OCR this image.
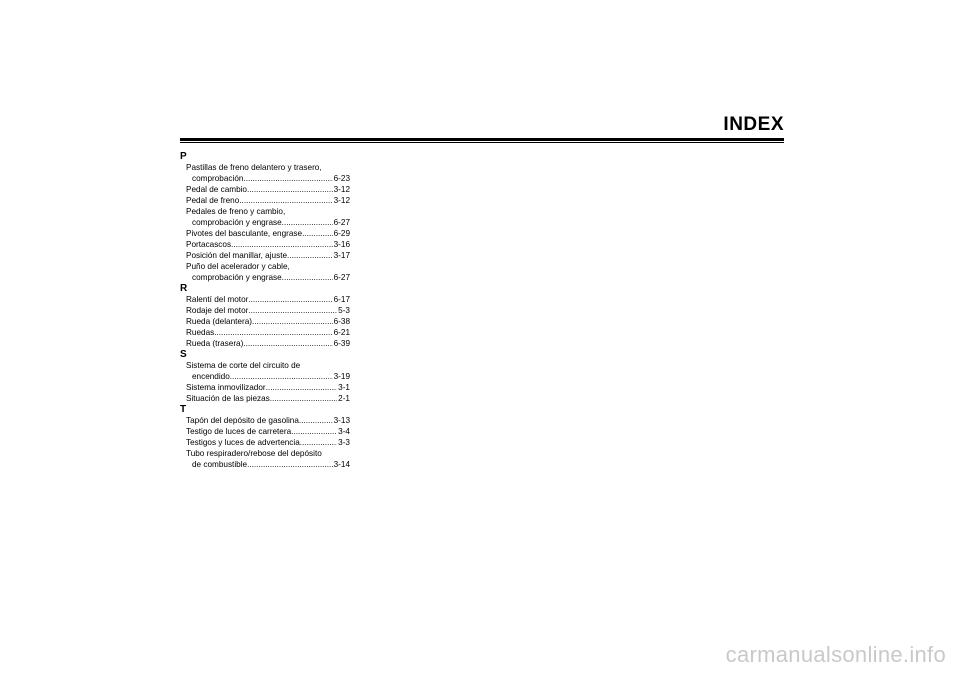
INDEX
P
Pastillas de freno delantero y trasero,
comprobación .....	6-23
Pedal de cambio .....	3-12
Pedal de freno .....	3-12
Pedales de freno y cambio,
comprobación y engrase .....	6-27
Pivotes del basculante, engrase .....	6-29
Portacascos .....	3-16
Posición del manillar, ajuste .....	3-17
Puño del acelerador y cable,
comprobación y engrase .....	6-27
R
Ralentí del motor .....	6-17
Rodaje del motor .....	5-3
Rueda (delantera) .....	6-38
Ruedas .....	6-21
Rueda (trasera) .....	6-39
S
Sistema de corte del circuito de
encendido .....	3-19
Sistema inmovilizador .....	3-1
Situación de las piezas .....	2-1
T
Tapón del depósito de gasolina .....	3-13
Testigo de luces de carretera .....	3-4
Testigos y luces de advertencia .....	3-3
Tubo respiradero/rebose del depósito
de combustible .....	3-14
carmanualsonline.info
